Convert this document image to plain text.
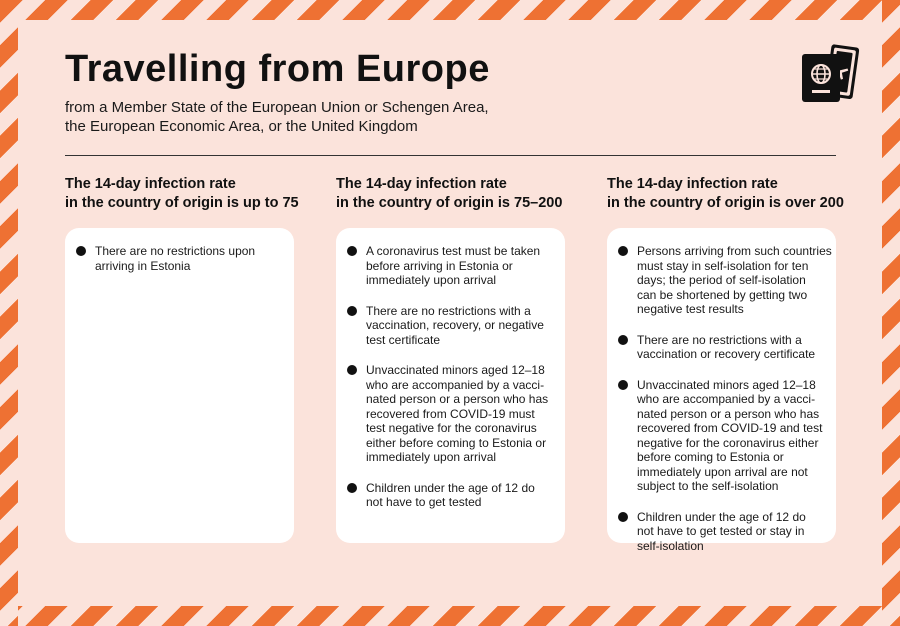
Travelling from Europe
from a Member State of the European Union or Schengen Area,
the European Economic Area, or the United Kingdom
The 14-day infection rate
in the country of origin is up to 75
The 14-day infection rate
in the country of origin is 75–200
The 14-day infection rate
in the country of origin is over 200
There are no restrictions upon
arriving in Estonia
A coronavirus test must be taken
before arriving in Estonia or
immediately upon arrival
There are no restrictions with a
vaccination, recovery, or negative
test certificate
Unvaccinated minors aged 12–18
who are accompanied by a vacci-
nated person or a person who has
recovered from COVID-19 must
test negative for the coronavirus
either before coming to Estonia or
immediately upon arrival
Children under the age of 12 do
not have to get tested
Persons arriving from such countries
must stay in self-isolation for ten
days; the period of self-isolation
can be shortened by getting two
negative test results
There are no restrictions with a
vaccination or recovery certificate
Unvaccinated minors aged 12–18
who are accompanied by a vacci-
nated person or a person who has
recovered from COVID-19 and test
negative for the coronavirus either
before coming to Estonia or
immediately upon arrival are not
subject to the self-isolation
Children under the age of 12 do
not have to get tested or stay in
self-isolation
